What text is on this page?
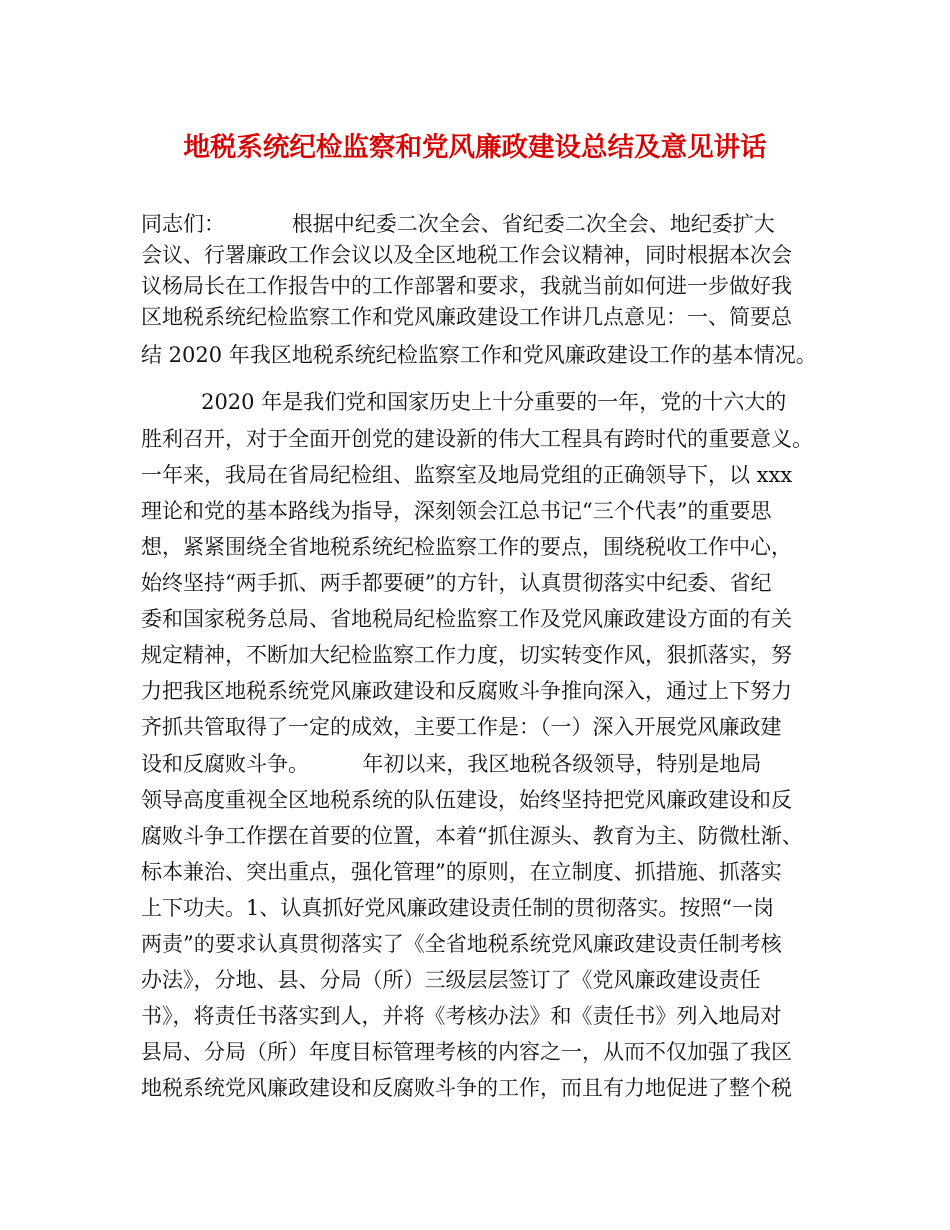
地税系统纪检监察和党风廉政建设总结及意见讲话
同志们：          根据中纪委二次全会、省纪委二次全会、地纪委扩大
会议、行署廉政工作会议以及全区地税工作会议精神，同时根据本次会
议杨局长在工作报告中的工作部署和要求，我就当前如何进一步做好我
区地税系统纪检监察工作和党风廉政建设工作讲几点意见：一、简要总
结 2020 年我区地税系统纪检监察工作和党风廉政建设工作的基本情况。
2020 年是我们党和国家历史上十分重要的一年，党的十六大的
胜利召开，对于全面开创党的建设新的伟大工程具有跨时代的重要意义。
一年来，我局在省局纪检组、监察室及地局党组的正确领导下，以 xxx
理论和党的基本路线为指导，深刻领会江总书记“三个代表”的重要思
想，紧紧围绕全省地税系统纪检监察工作的要点，围绕税收工作中心，
始终坚持“两手抓、两手都要硬”的方针，认真贯彻落实中纪委、省纪
委和国家税务总局、省地税局纪检监察工作及党风廉政建设方面的有关
规定精神，不断加大纪检监察工作力度，切实转变作风，狠抓落实，努
力把我区地税系统党风廉政建设和反腐败斗争推向深入，通过上下努力
齐抓共管取得了一定的成效，主要工作是：（一）深入开展党风廉政建
设和反腐败斗争。        年初以来，我区地税各级领导，特别是地局
领导高度重视全区地税系统的队伍建设，始终坚持把党风廉政建设和反
腐败斗争工作摆在首要的位置，本着“抓住源头、教育为主、防微杜渐、
标本兼治、突出重点，强化管理”的原则，在立制度、抓措施、抓落实
上下功夫。1、认真抓好党风廉政建设责任制的贯彻落实。按照“一岗
两责”的要求认真贯彻落实了《全省地税系统党风廉政建设责任制考核
办法》，分地、县、分局（所）三级层层签订了《党风廉政建设责任
书》，将责任书落实到人，并将《考核办法》和《责任书》列入地局对
县局、分局（所）年度目标管理考核的内容之一，从而不仅加强了我区
地税系统党风廉政建设和反腐败斗争的工作，而且有力地促进了整个税
